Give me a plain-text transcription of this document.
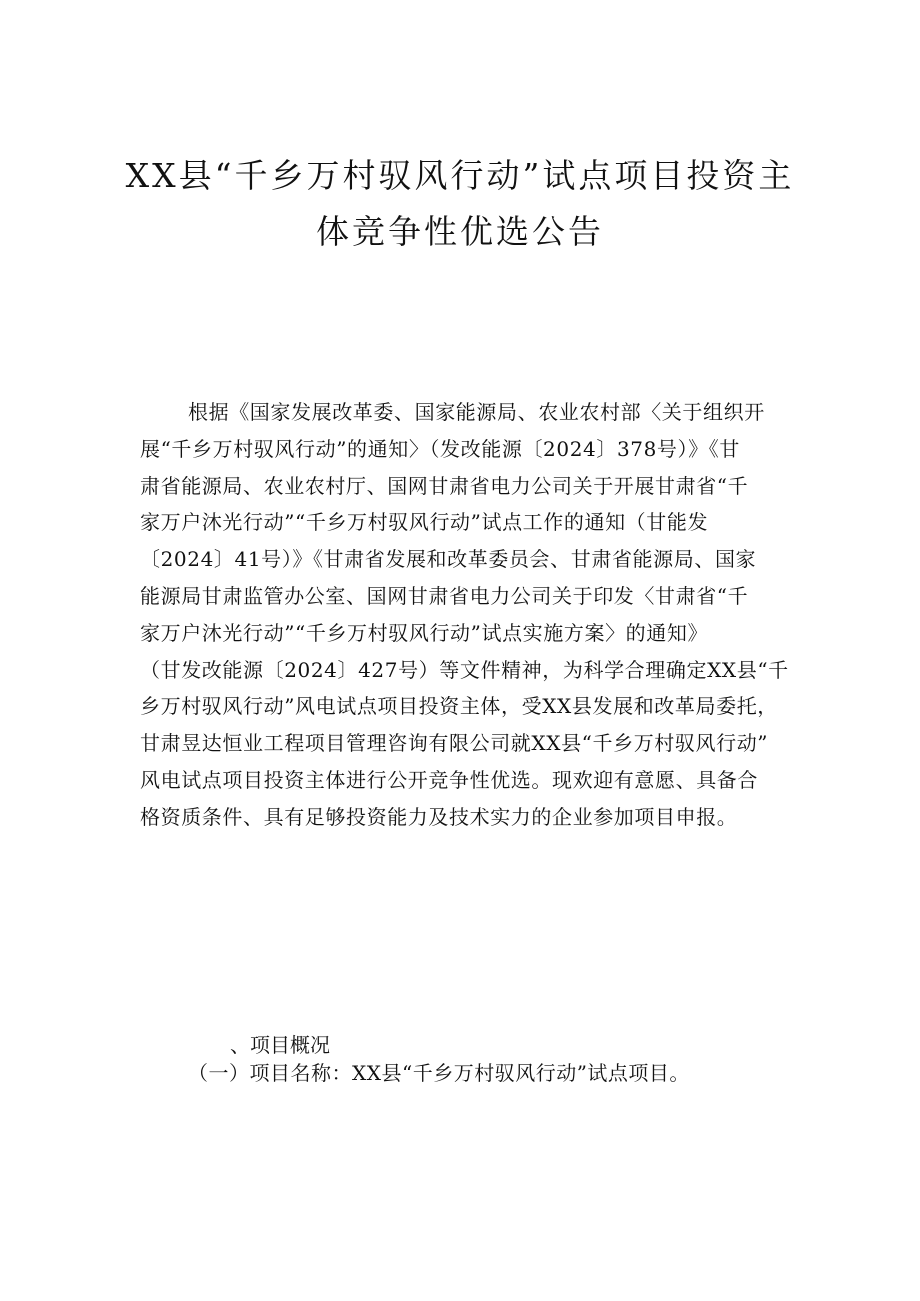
XX县“千乡万村驭风行动”试点项目投资主
体竞争性优选公告

根据《国家发展改革委、国家能源局、农业农村部〈关于组织开
展“千乡万村驭风行动”的通知〉（发改能源〔2024〕378号）》《甘
肃省能源局、农业农村厅、国网甘肃省电力公司关于开展甘肃省“千
家万户沐光行动”“千乡万村驭风行动”试点工作的通知（甘能发
〔2024〕41号）》《甘肃省发展和改革委员会、甘肃省能源局、国家
能源局甘肃监管办公室、国网甘肃省电力公司关于印发〈甘肃省“千
家万户沐光行动”“千乡万村驭风行动”试点实施方案〉的通知》
（甘发改能源〔2024〕427号）等文件精神，为科学合理确定XX县“千
乡万村驭风行动”风电试点项目投资主体，受XX县发展和改革局委托，
甘肃昱达恒业工程项目管理咨询有限公司就XX县“千乡万村驭风行动”
风电试点项目投资主体进行公开竞争性优选。现欢迎有意愿、具备合
格资质条件、具有足够投资能力及技术实力的企业参加项目申报。

、项目概况

（一）项目名称：XX县“千乡万村驭风行动”试点项目。
